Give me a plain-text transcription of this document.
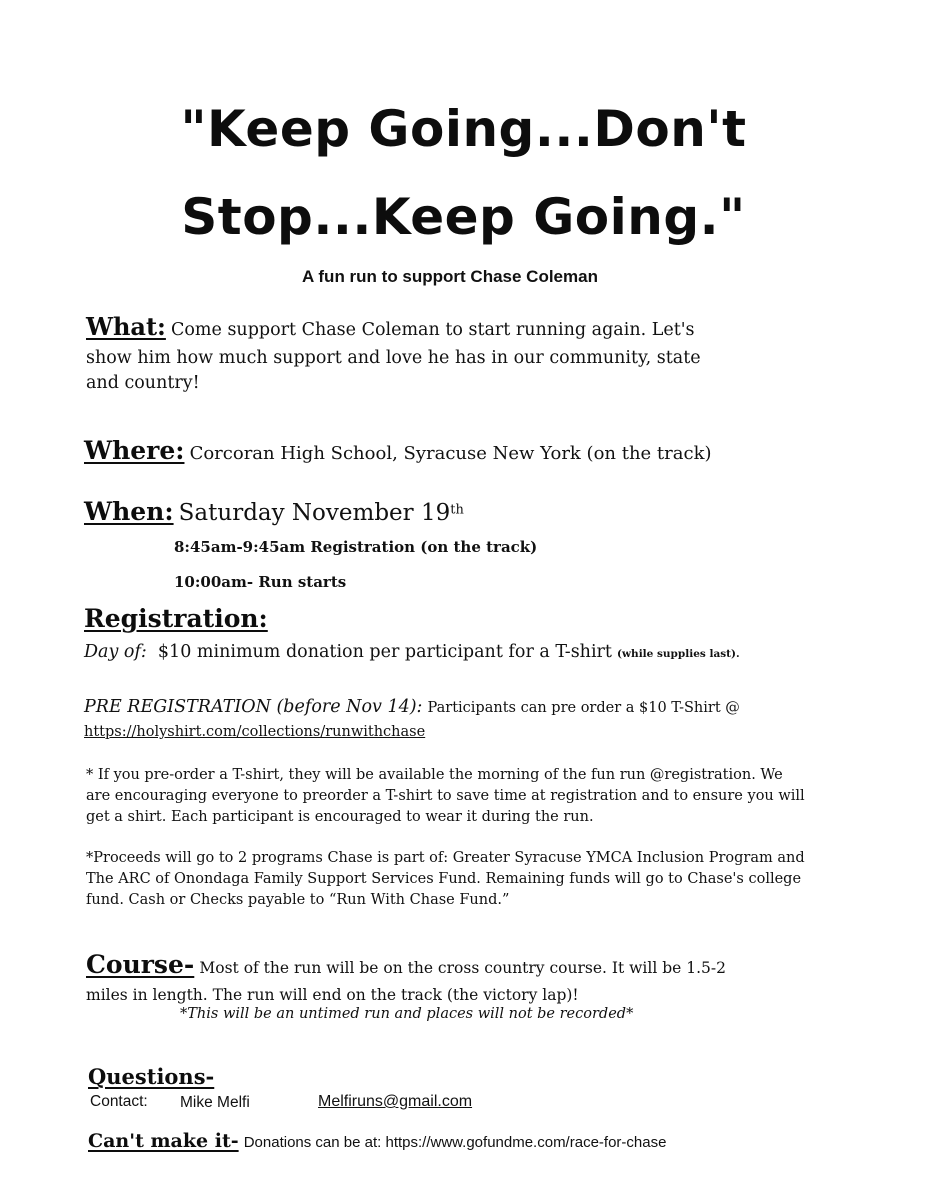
"Keep Going...Don't
Stop...Keep Going."
A fun run to support Chase Coleman
What: Come support Chase Coleman to start running again. Let's
show him how much support and love he has in our community, state
and country!
Where: Corcoran High School, Syracuse New York (on the track)
When: Saturday November 19th
8:45am-9:45am Registration (on the track)
10:00am- Run starts
Registration:
Day of: $10 minimum donation per participant for a T-shirt (while supplies last).
PRE REGISTRATION (before Nov 14): Participants can pre order a $10 T-Shirt @
https://holyshirt.com/collections/runwithchase
* If you pre-order a T-shirt, they will be available the morning of the fun run @registration. We are encouraging everyone to preorder a T-shirt to save time at registration and to ensure you will get a shirt. Each participant is encouraged to wear it during the run.
*Proceeds will go to 2 programs Chase is part of: Greater Syracuse YMCA Inclusion Program and The ARC of Onondaga Family Support Services Fund. Remaining funds will go to Chase's college fund. Cash or Checks payable to “Run With Chase Fund.”
Course- Most of the run will be on the cross country course. It will be 1.5-2
miles in length. The run will end on the track (the victory lap)!
*This will be an untimed run and places will not be recorded*
Questions-
Contact: Mike Melfi	Melfiruns@gmail.com
Can't make it- Donations can be at: https://www.gofundme.com/race-for-chase
